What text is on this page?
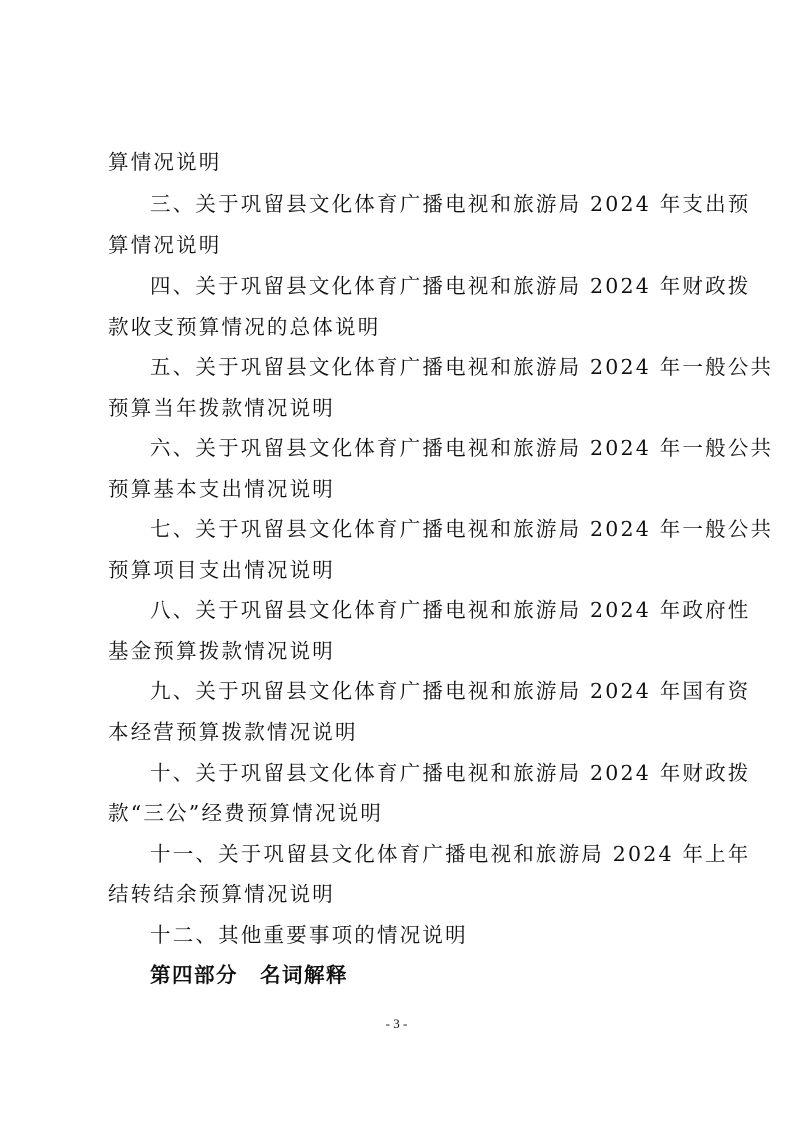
算情况说明
三、关于巩留县文化体育广播电视和旅游局 2024 年支出预
算情况说明
四、关于巩留县文化体育广播电视和旅游局 2024 年财政拨
款收支预算情况的总体说明
五、关于巩留县文化体育广播电视和旅游局 2024 年一般公共
预算当年拨款情况说明
六、关于巩留县文化体育广播电视和旅游局 2024 年一般公共
预算基本支出情况说明
七、关于巩留县文化体育广播电视和旅游局 2024 年一般公共
预算项目支出情况说明
八、关于巩留县文化体育广播电视和旅游局 2024 年政府性
基金预算拨款情况说明
九、关于巩留县文化体育广播电视和旅游局 2024 年国有资
本经营预算拨款情况说明
十、关于巩留县文化体育广播电视和旅游局 2024 年财政拨
款“三公”经费预算情况说明
十一、关于巩留县文化体育广播电视和旅游局 2024 年上年
结转结余预算情况说明
十二、其他重要事项的情况说明
第四部分　名词解释
- 3 -
